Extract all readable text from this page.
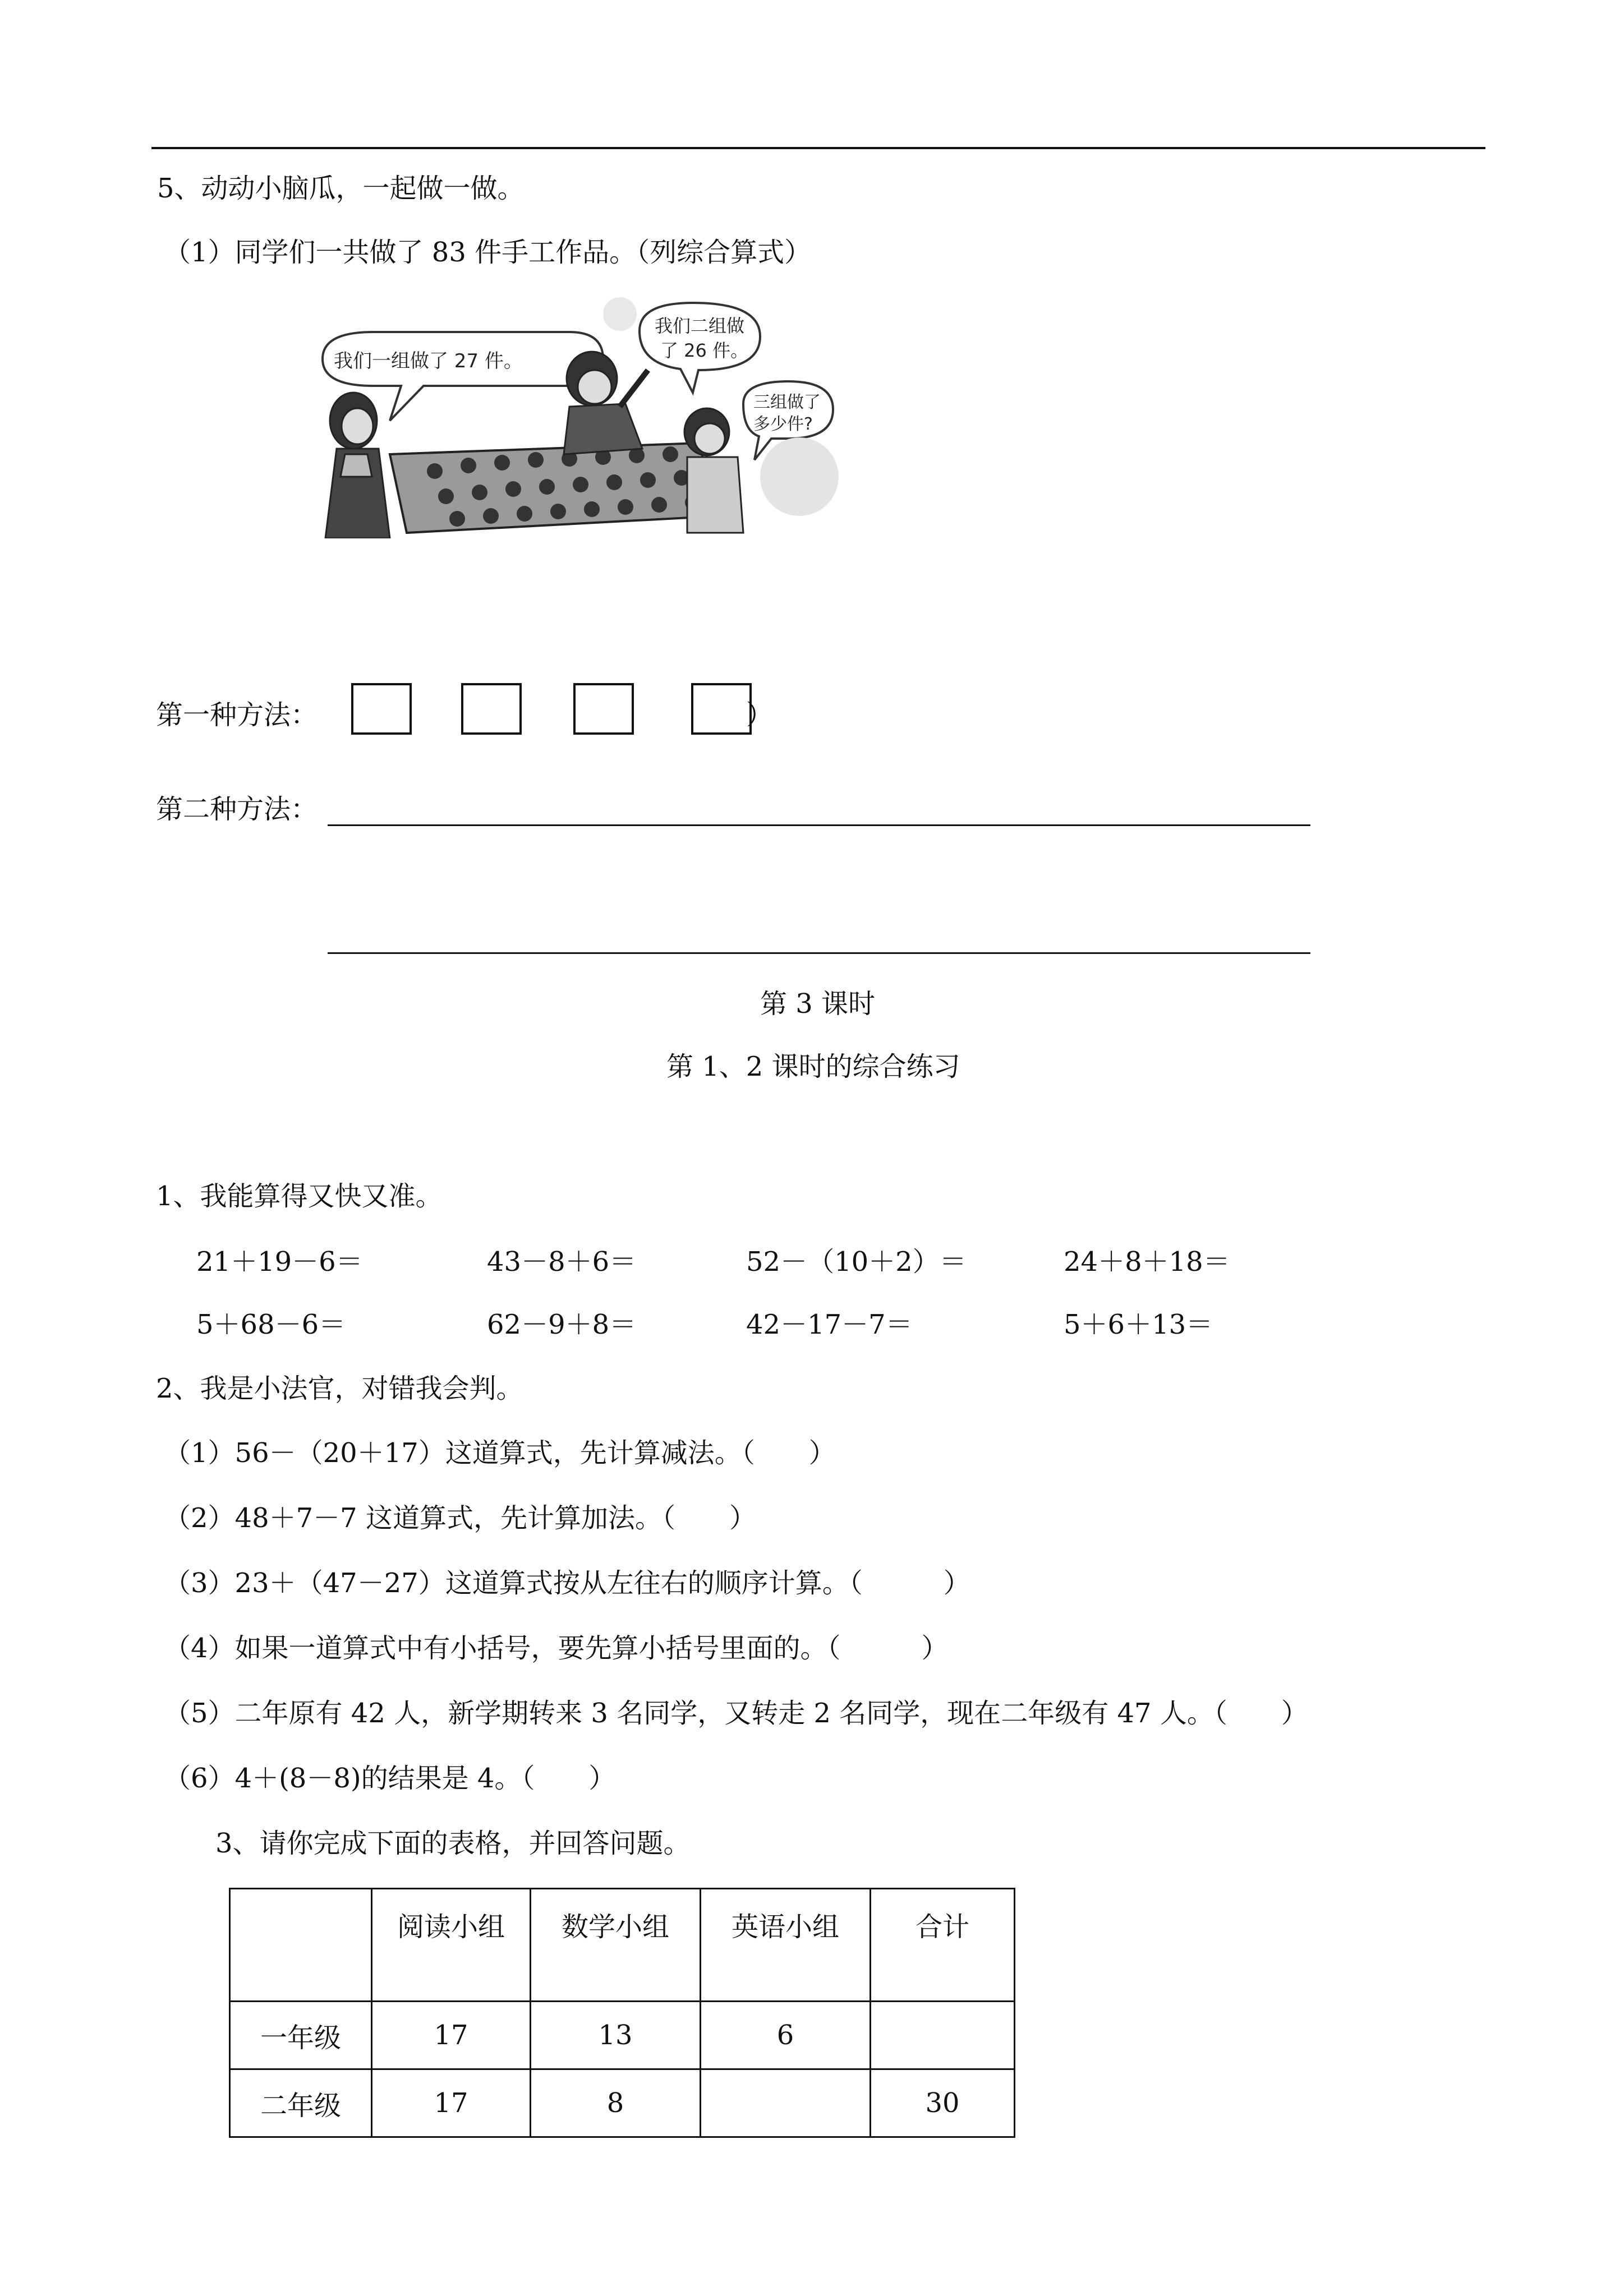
5、动动小脑瓜，一起做一做。
（1）同学们一共做了 83 件手工作品。（列综合算式）
我们一组做了 27 件。
我们二组做
了 26 件。
三组做了
多少件?
第一种方法：	）
第二种方法：
第 3 课时
第 1、2 课时的综合练习
1、我能算得又快又准。
21＋19－6＝	43－8＋6＝	52－（10＋2）＝	24＋8＋18＝
5＋68－6＝	62－9＋8＝	42－17－7＝	5＋6＋13＝
2、我是小法官，对错我会判。
（1）56－（20＋17）这道算式，先计算减法。（　　）
（2）48＋7－7 这道算式，先计算加法。（　　）
（3）23＋（47－27）这道算式按从左往右的顺序计算。（　　　）
（4）如果一道算式中有小括号，要先算小括号里面的。（　　　）
（5）二年原有 42 人，新学期转来 3 名同学，又转走 2 名同学，现在二年级有 47 人。（　　）
（6）4＋(8－8)的结果是 4。（　　）
3、请你完成下面的表格，并回答问题。
	阅读小组	数学小组	英语小组	合计
一年级	17	13	6	
二年级	17	8		30
